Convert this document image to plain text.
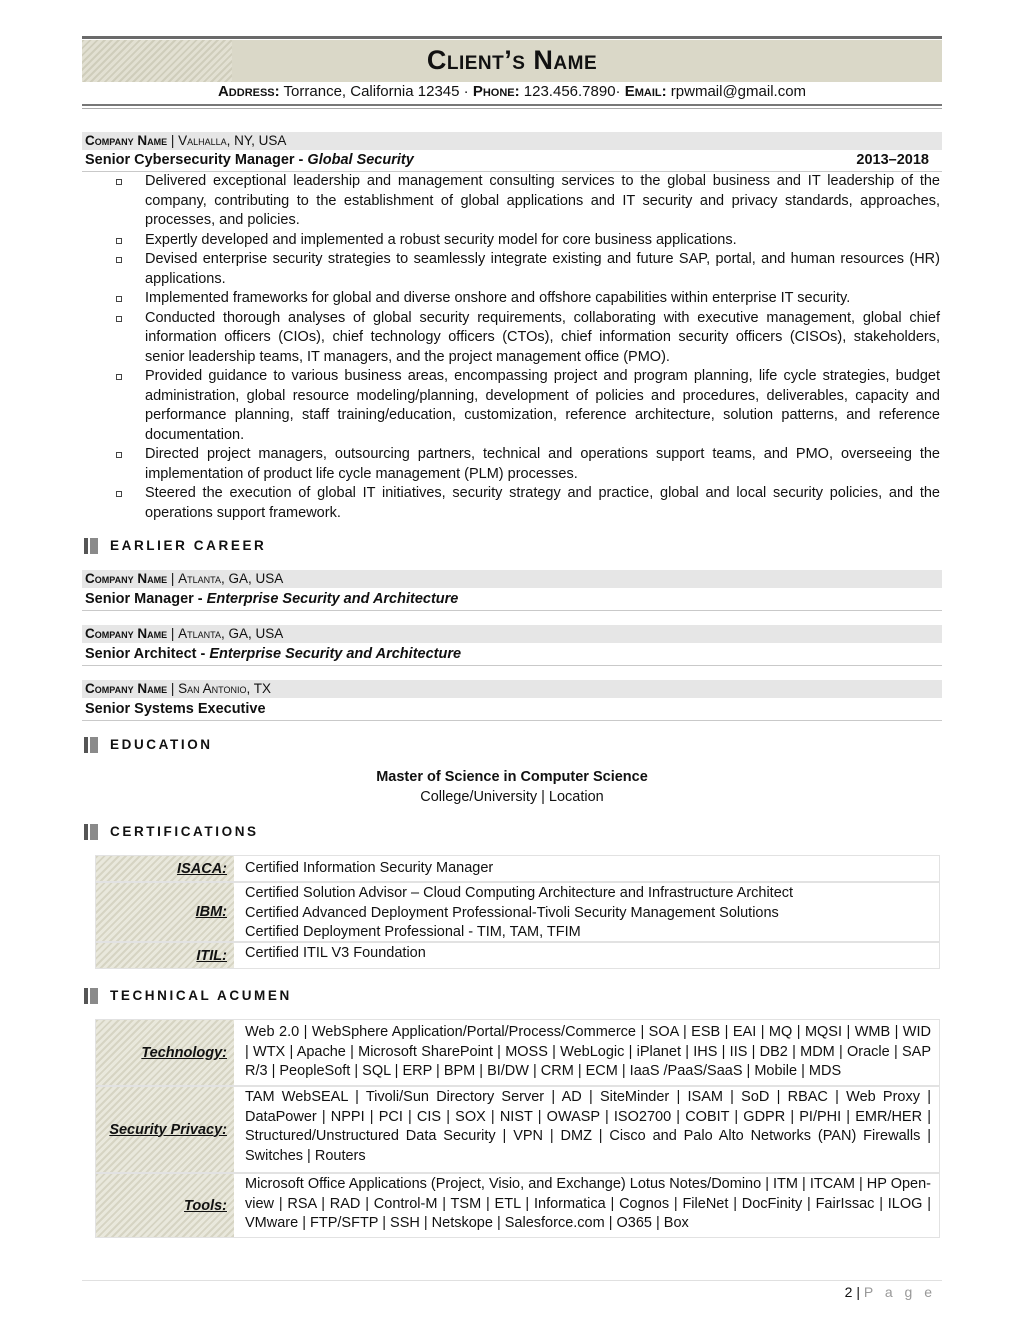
Client’s Name
Address: Torrance, California 12345 · Phone: 123.456.7890· Email: rpwmail@gmail.com
Company Name | Valhalla, NY, USA
Senior Cybersecurity Manager - Global Security	2013–2018
Delivered exceptional leadership and management consulting services to the global business and IT leadership of the company, contributing to the establishment of global applications and IT security and privacy standards, approaches, processes, and policies.
Expertly developed and implemented a robust security model for core business applications.
Devised enterprise security strategies to seamlessly integrate existing and future SAP, portal, and human resources (HR) applications.
Implemented frameworks for global and diverse onshore and offshore capabilities within enterprise IT security.
Conducted thorough analyses of global security requirements, collaborating with executive management, global chief information officers (CIOs), chief technology officers (CTOs), chief information security officers (CISOs), stakeholders, senior leadership teams, IT managers, and the project management office (PMO).
Provided guidance to various business areas, encompassing project and program planning, life cycle strategies, budget administration, global resource modeling/planning, development of policies and procedures, deliverables, capacity and performance planning, staff training/education, customization, reference architecture, solution patterns, and reference documentation.
Directed project managers, outsourcing partners, technical and operations support teams, and PMO, overseeing the implementation of product life cycle management (PLM) processes.
Steered the execution of global IT initiatives, security strategy and practice, global and local security policies, and the operations support framework.
EARLIER CAREER
Company Name | Atlanta, GA, USA
Senior Manager - Enterprise Security and Architecture
Company Name | Atlanta, GA, USA
Senior Architect - Enterprise Security and Architecture
Company Name | San Antonio, TX
Senior Systems Executive
EDUCATION
Master of Science in Computer Science
College/University | Location
CERTIFICATIONS
ISACA: Certified Information Security Manager
IBM:
Certified Solution Advisor – Cloud Computing Architecture and Infrastructure Architect
Certified Advanced Deployment Professional-Tivoli Security Management Solutions
Certified Deployment Professional - TIM, TAM, TFIM
ITIL: Certified ITIL V3 Foundation
TECHNICAL ACUMEN
Technology:
Web 2.0 | WebSphere Application/Portal/Process/Commerce | SOA | ESB | EAI | MQ | MQSI | WMB | WID | WTX | Apache | Microsoft SharePoint | MOSS | WebLogic | iPlanet | IHS | IIS | DB2 | MDM | Oracle | SAP R/3 | PeopleSoft | SQL | ERP | BPM | BI/DW | CRM | ECM | IaaS /PaaS/SaaS | Mobile | MDS
Security Privacy:
TAM WebSEAL | Tivoli/Sun Directory Server | AD | SiteMinder | ISAM | SoD | RBAC | Web Proxy | DataPower | NPPI | PCI | CIS | SOX | NIST | OWASP | ISO2700 | COBIT | GDPR | PI/PHI | EMR/HER | Structured/Unstructured Data Security | VPN | DMZ | Cisco and Palo Alto Networks (PAN) Firewalls | Switches | Routers
Tools:
Microsoft Office Applications (Project, Visio, and Exchange) Lotus Notes/Domino | ITM | ITCAM | HP Open-view | RSA | RAD | Control-M | TSM | ETL | Informatica | Cognos | FileNet | DocFinity | FairIssac | ILOG | VMware | FTP/SFTP | SSH | Netskope | Salesforce.com | O365 | Box
2 | P a g e
